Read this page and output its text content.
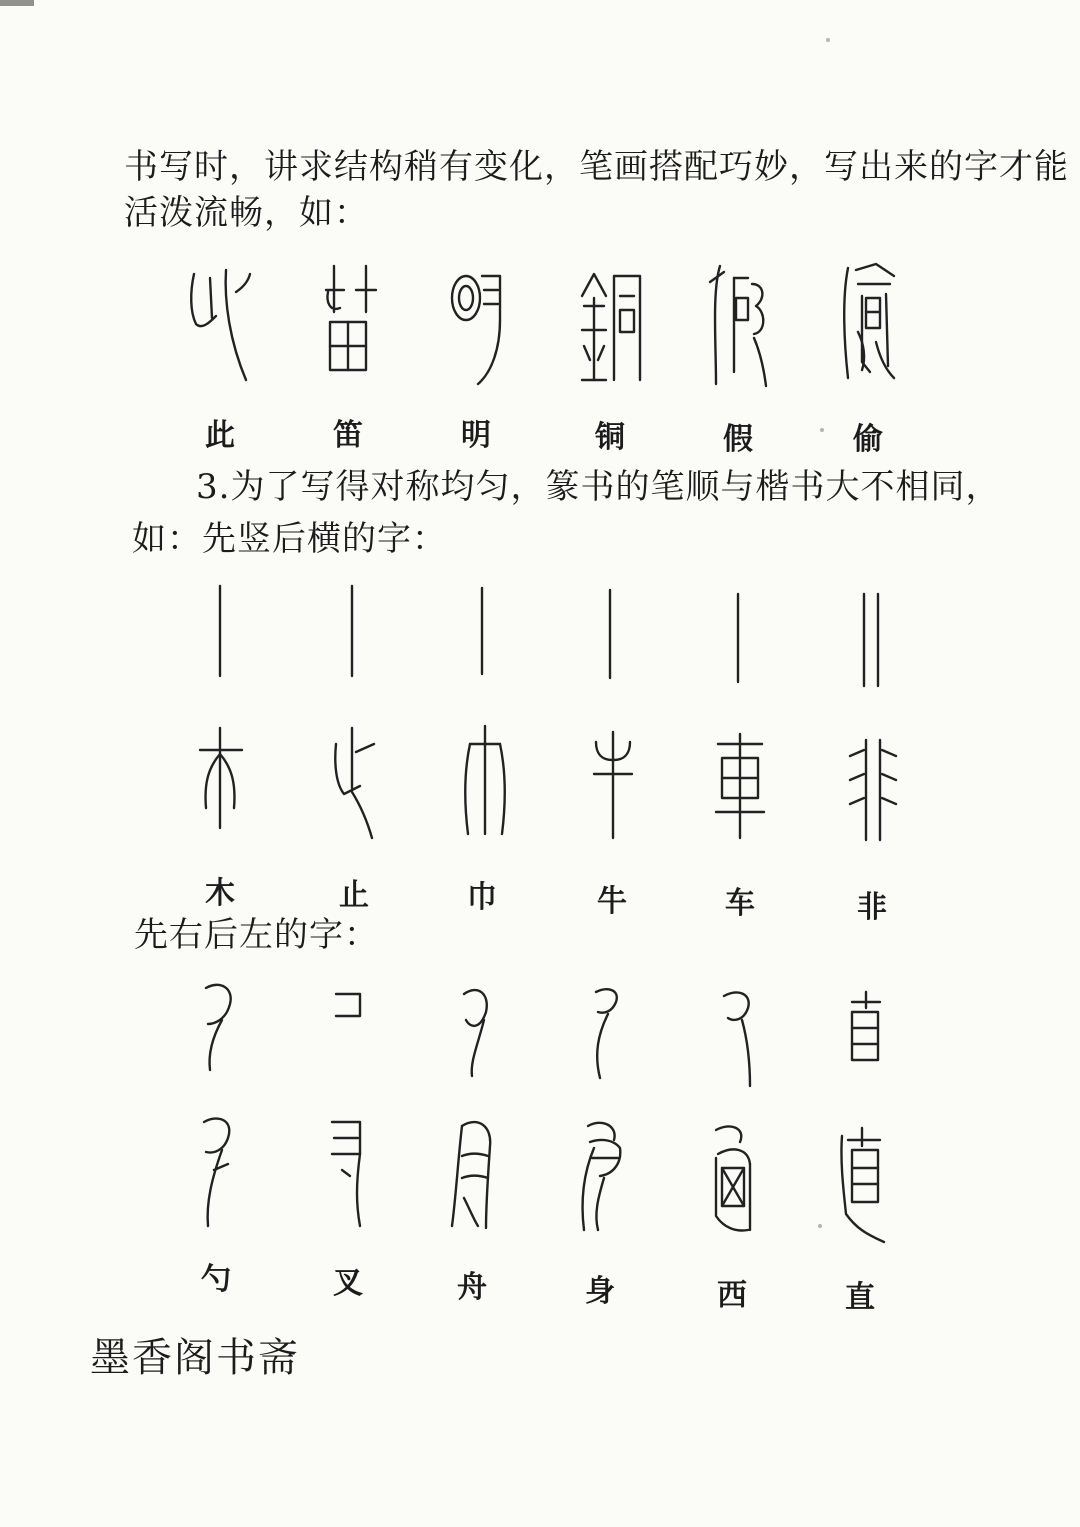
书写时，讲求结构稍有变化，笔画搭配巧妙，写出来的字才能
活泼流畅，如：
此	笛	明	铜	假	偷
3.为了写得对称均匀，篆书的笔顺与楷书大不相同，
如：先竖后横的字：
木	止	巾	牛	车	非
先右后左的字：
勺	叉	舟	身	西	直
墨香阁书斋
